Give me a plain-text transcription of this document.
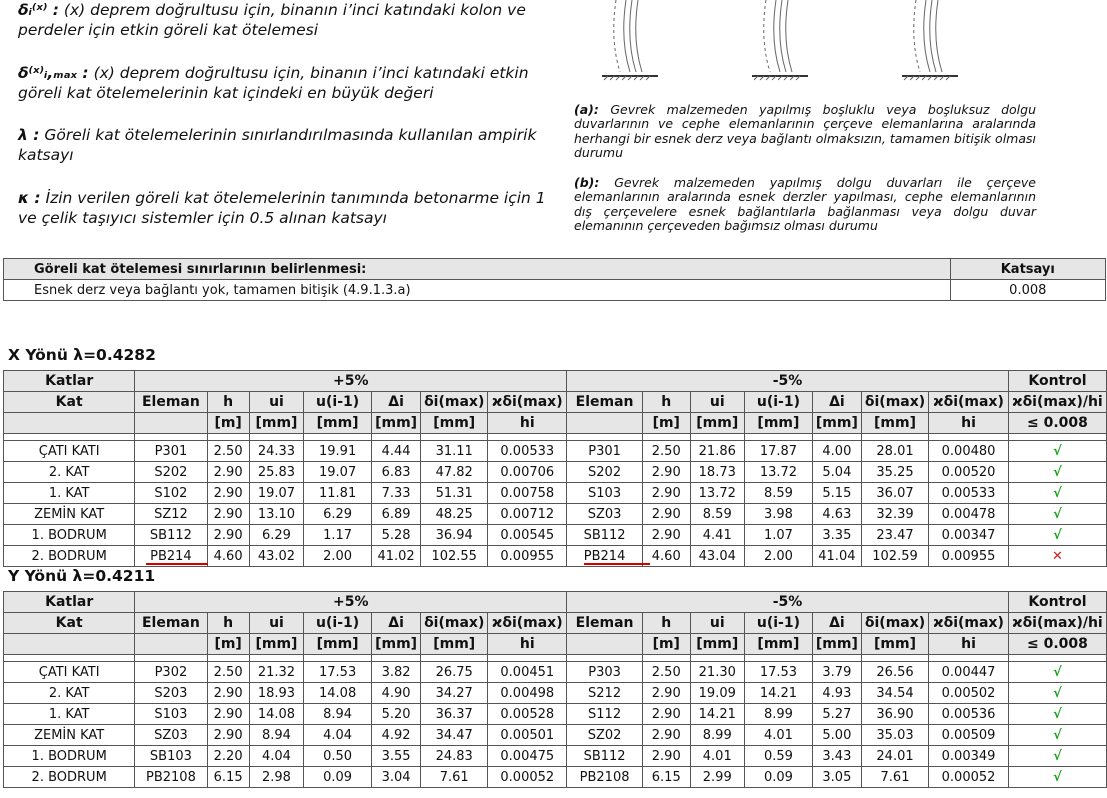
δᵢ⁽ˣ⁾ : (x) deprem doğrultusu için, binanın i’inci katındaki kolon ve perdeler için etkin göreli kat ötelemesi
δ⁽ˣ⁾ᵢ,ₘₐₓ : (x) deprem doğrultusu için, binanın i’inci katındaki etkin göreli kat ötelemelerinin kat içindeki en büyük değeri
λ : Göreli kat ötelemelerinin sınırlandırılmasında kullanılan ampirik katsayı
κ : İzin verilen göreli kat ötelemelerinin tanımında betonarme için 1 ve çelik taşıyıcı sistemler için 0.5 alınan katsayı
(a): Gevrek malzemeden yapılmış boşluklu veya boşluksuz dolgu duvarlarının ve cephe elemanlarının çerçeve elemanlarına aralarında herhangi bir esnek derz veya bağlantı olmaksızın, tamamen bitişik olması durumu
(b): Gevrek malzemeden yapılmış dolgu duvarları ile çerçeve elemanlarının aralarında esnek derzler yapılması, cephe elemanlarının dış çerçevelere esnek bağlantılarla bağlanması veya dolgu duvar elemanının çerçeveden bağımsız olması durumu
Göreli kat ötelemesi sınırlarının belirlenmesi:	Katsayı
Esnek derz veya bağlantı yok, tamamen bitişik (4.9.1.3.a)	0.008
X Yönü λ=0.4282
Katlar	+5%							-5%							Kontrol
Kat	Eleman	h	ui	u(i-1)	Δi	δi(max)	ϰδi(max)	Eleman	h	ui	u(i-1)	Δi	δi(max)	ϰδi(max)	ϰδi(max)/hi
		[m]	[mm]	[mm]	[mm]	[mm]	hi		[m]	[mm]	[mm]	[mm]	[mm]	hi	≤ 0.008

ÇATI KATI	P301	2.50	24.33	19.91	4.44	31.11	0.00533	P301	2.50	21.86	17.87	4.00	28.01	0.00480	√
2. KAT	S202	2.90	25.83	19.07	6.83	47.82	0.00706	S202	2.90	18.73	13.72	5.04	35.25	0.00520	√
1. KAT	S102	2.90	19.07	11.81	7.33	51.31	0.00758	S103	2.90	13.72	8.59	5.15	36.07	0.00533	√
ZEMİN KAT	SZ12	2.90	13.10	6.29	6.89	48.25	0.00712	SZ03	2.90	8.59	3.98	4.63	32.39	0.00478	√
1. BODRUM	SB112	2.90	6.29	1.17	5.28	36.94	0.00545	SB112	2.90	4.41	1.07	3.35	23.47	0.00347	√
2. BODRUM	PB214	4.60	43.02	2.00	41.02	102.55	0.00955	PB214	4.60	43.04	2.00	41.04	102.59	0.00955	✕
Y Yönü λ=0.4211
Katlar	+5%							-5%							Kontrol
Kat	Eleman	h	ui	u(i-1)	Δi	δi(max)	ϰδi(max)	Eleman	h	ui	u(i-1)	Δi	δi(max)	ϰδi(max)	ϰδi(max)/hi
		[m]	[mm]	[mm]	[mm]	[mm]	hi		[m]	[mm]	[mm]	[mm]	[mm]	hi	≤ 0.008

ÇATI KATI	P302	2.50	21.32	17.53	3.82	26.75	0.00451	P303	2.50	21.30	17.53	3.79	26.56	0.00447	√
2. KAT	S203	2.90	18.93	14.08	4.90	34.27	0.00498	S212	2.90	19.09	14.21	4.93	34.54	0.00502	√
1. KAT	S103	2.90	14.08	8.94	5.20	36.37	0.00528	S112	2.90	14.21	8.99	5.27	36.90	0.00536	√
ZEMİN KAT	SZ03	2.90	8.94	4.04	4.92	34.47	0.00501	SZ02	2.90	8.99	4.01	5.00	35.03	0.00509	√
1. BODRUM	SB103	2.20	4.04	0.50	3.55	24.83	0.00475	SB112	2.90	4.01	0.59	3.43	24.01	0.00349	√
2. BODRUM	PB2108	6.15	2.98	0.09	3.04	7.61	0.00052	PB2108	6.15	2.99	0.09	3.05	7.61	0.00052	√
